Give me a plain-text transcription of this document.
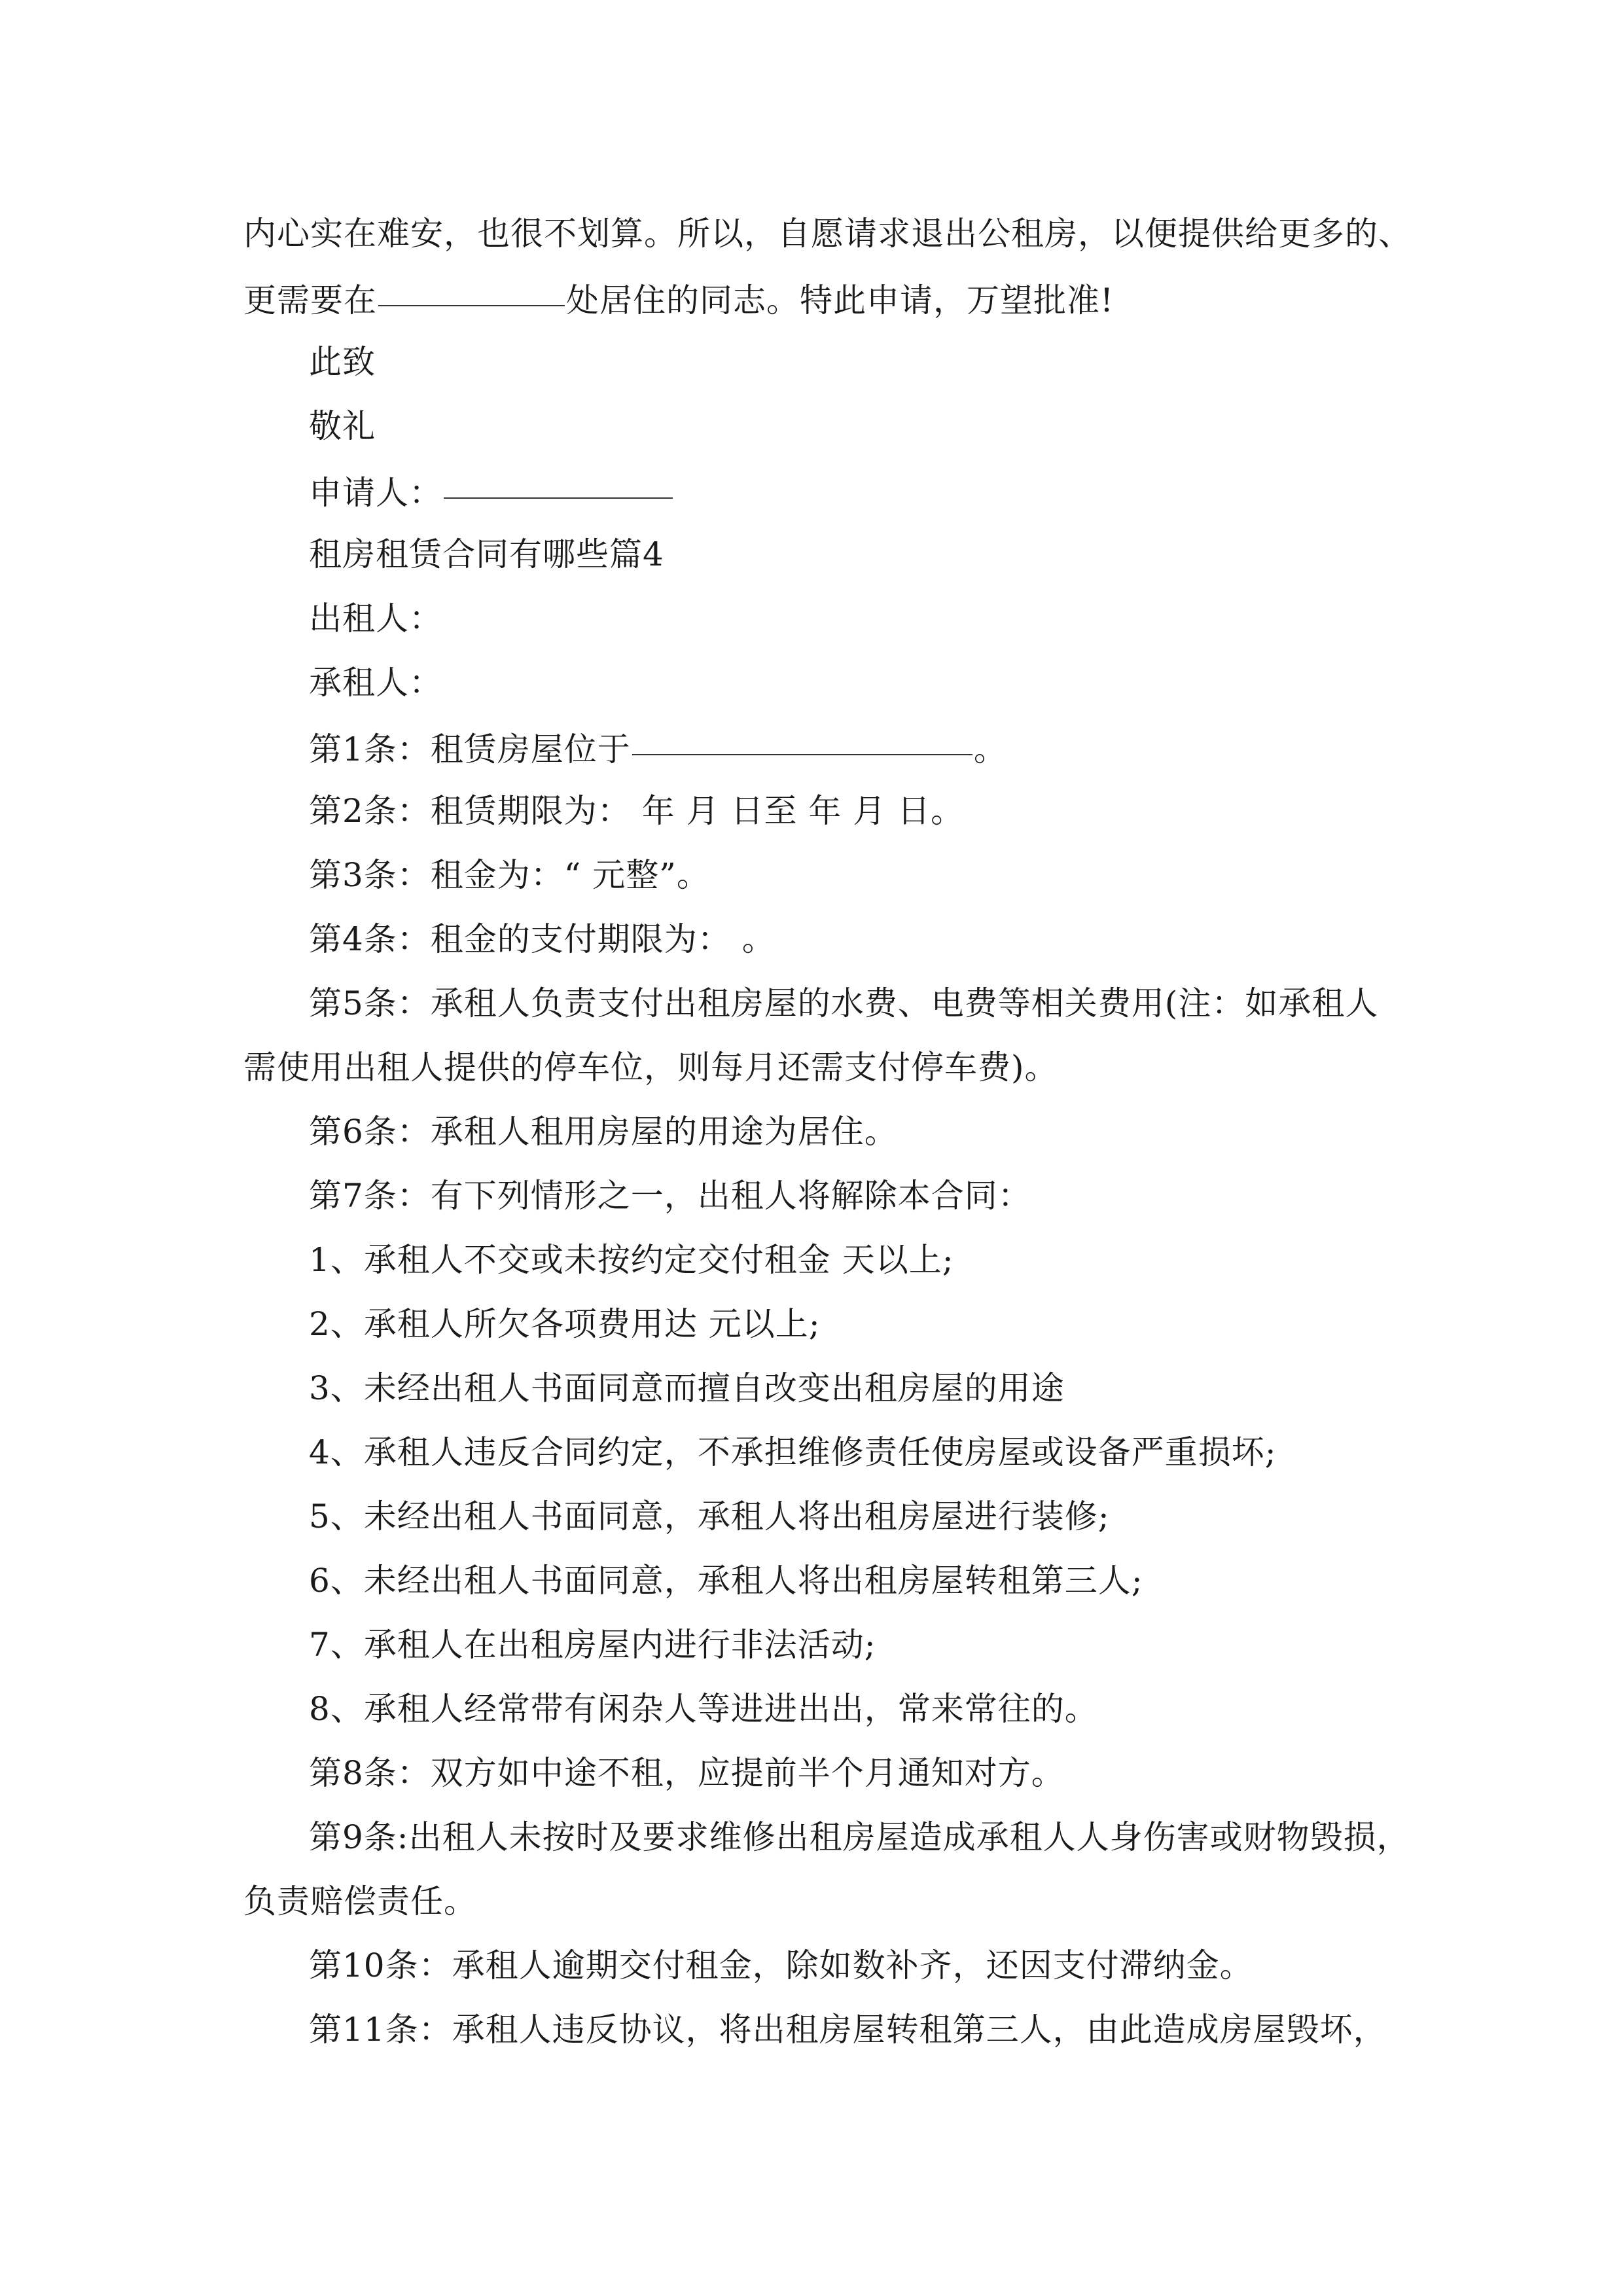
内心实在难安，也很不划算。所以，自愿请求退出公租房，以便提供给更多的、
更需要在	处居住的同志。特此申请，万望批准!
此致
敬礼
申请人：
租房租赁合同有哪些篇4
出租人：
承租人：
第1条：租赁房屋位于	。
第2条：租赁期限为： 年 月 日至 年 月 日。
第3条：租金为：“ 元整”。
第4条：租金的支付期限为： 。
第5条：承租人负责支付出租房屋的水费、电费等相关费用(注：如承租人
需使用出租人提供的停车位，则每月还需支付停车费)。
第6条：承租人租用房屋的用途为居住。
第7条：有下列情形之一，出租人将解除本合同：
1、承租人不交或未按约定交付租金 天以上;
2、承租人所欠各项费用达 元以上;
3、未经出租人书面同意而擅自改变出租房屋的用途
4、承租人违反合同约定，不承担维修责任使房屋或设备严重损坏;
5、未经出租人书面同意，承租人将出租房屋进行装修;
6、未经出租人书面同意，承租人将出租房屋转租第三人;
7、承租人在出租房屋内进行非法活动;
8、承租人经常带有闲杂人等进进出出，常来常往的。
第8条：双方如中途不租，应提前半个月通知对方。
第9条:出租人未按时及要求维修出租房屋造成承租人人身伤害或财物毁损，
负责赔偿责任。
第10条：承租人逾期交付租金，除如数补齐，还因支付滞纳金。
第11条：承租人违反协议，将出租房屋转租第三人，由此造成房屋毁坏，
